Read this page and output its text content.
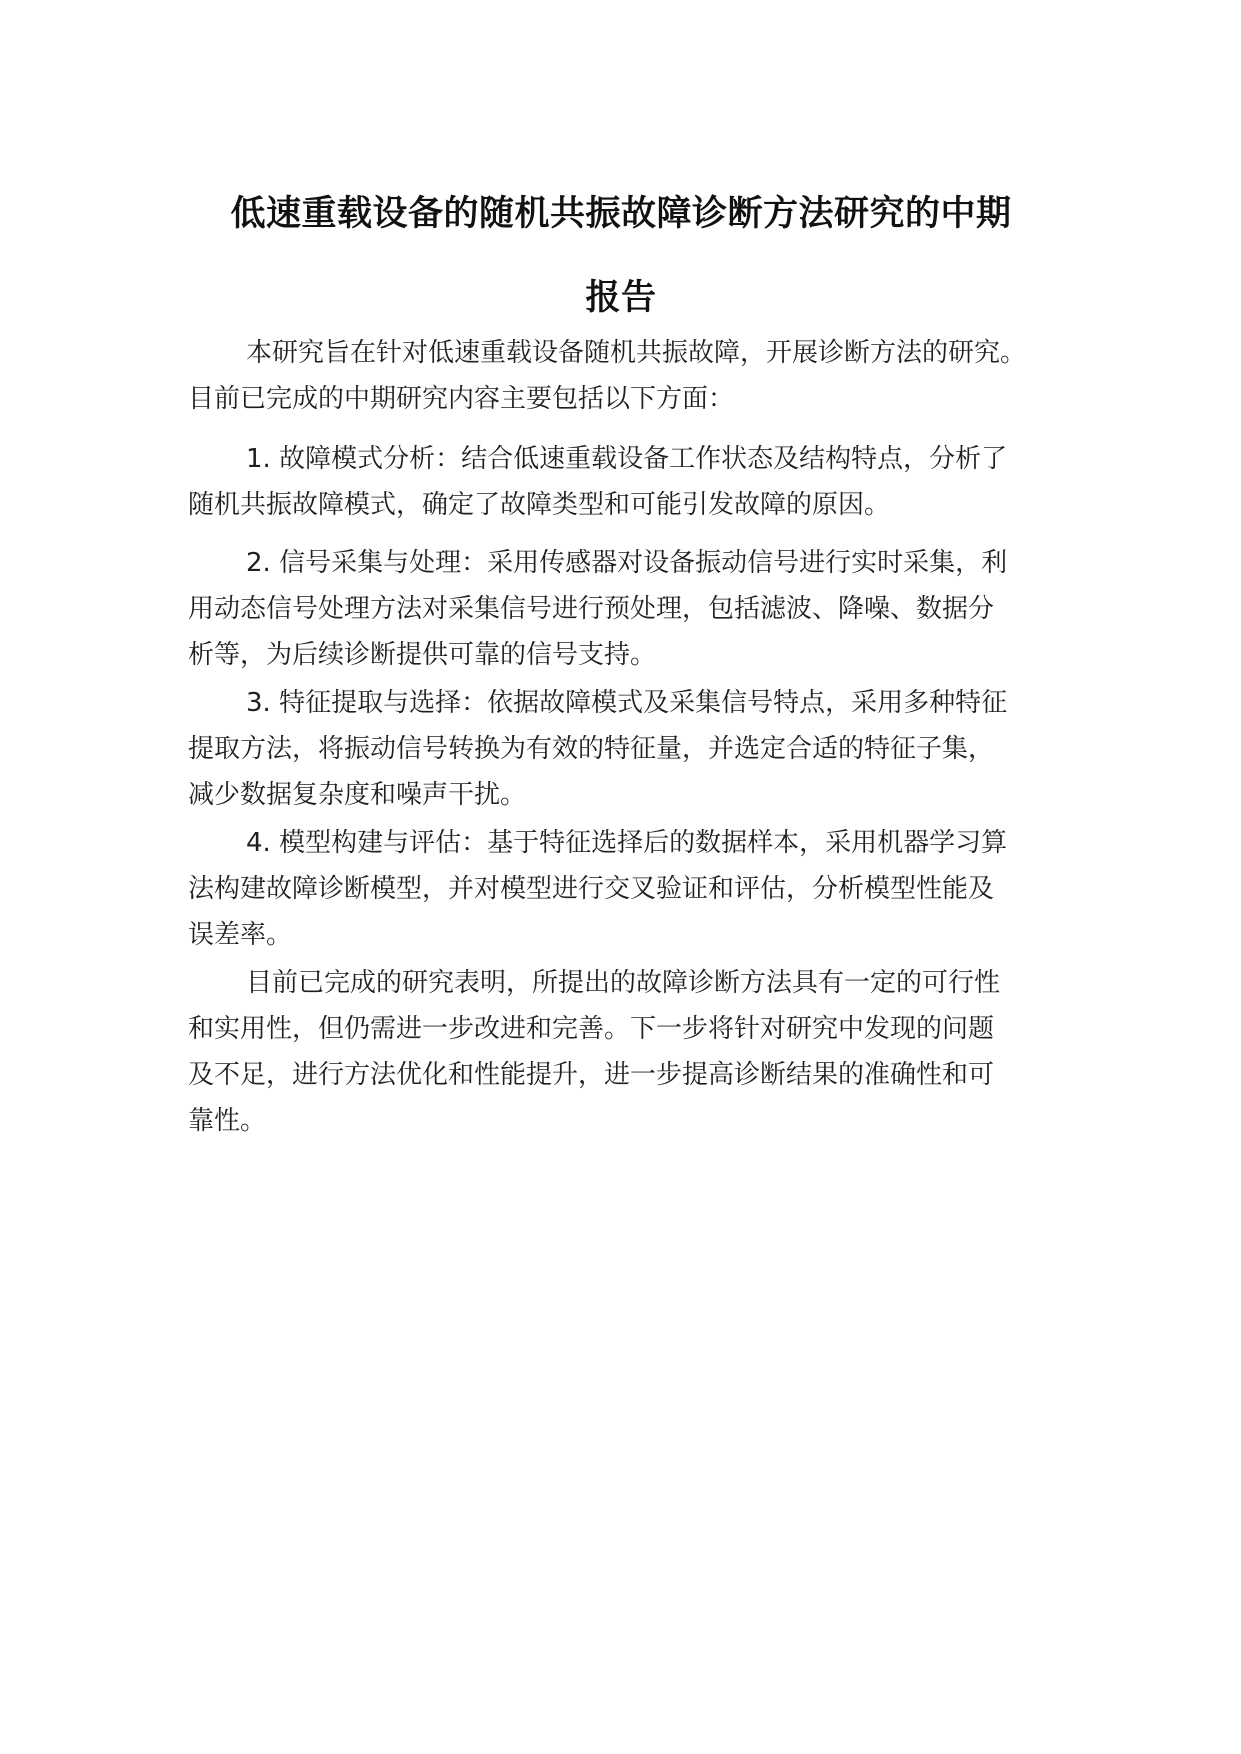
低速重载设备的随机共振故障诊断方法研究的中期
报告
本研究旨在针对低速重载设备随机共振故障，开展诊断方法的研究。
目前已完成的中期研究内容主要包括以下方面：
1. 故障模式分析：结合低速重载设备工作状态及结构特点，分析了
随机共振故障模式，确定了故障类型和可能引发故障的原因。
2. 信号采集与处理：采用传感器对设备振动信号进行实时采集，利
用动态信号处理方法对采集信号进行预处理，包括滤波、降噪、数据分
析等，为后续诊断提供可靠的信号支持。
3. 特征提取与选择：依据故障模式及采集信号特点，采用多种特征
提取方法，将振动信号转换为有效的特征量，并选定合适的特征子集，
减少数据复杂度和噪声干扰。
4. 模型构建与评估：基于特征选择后的数据样本，采用机器学习算
法构建故障诊断模型，并对模型进行交叉验证和评估，分析模型性能及
误差率。
目前已完成的研究表明，所提出的故障诊断方法具有一定的可行性
和实用性，但仍需进一步改进和完善。下一步将针对研究中发现的问题
及不足，进行方法优化和性能提升，进一步提高诊断结果的准确性和可
靠性。
